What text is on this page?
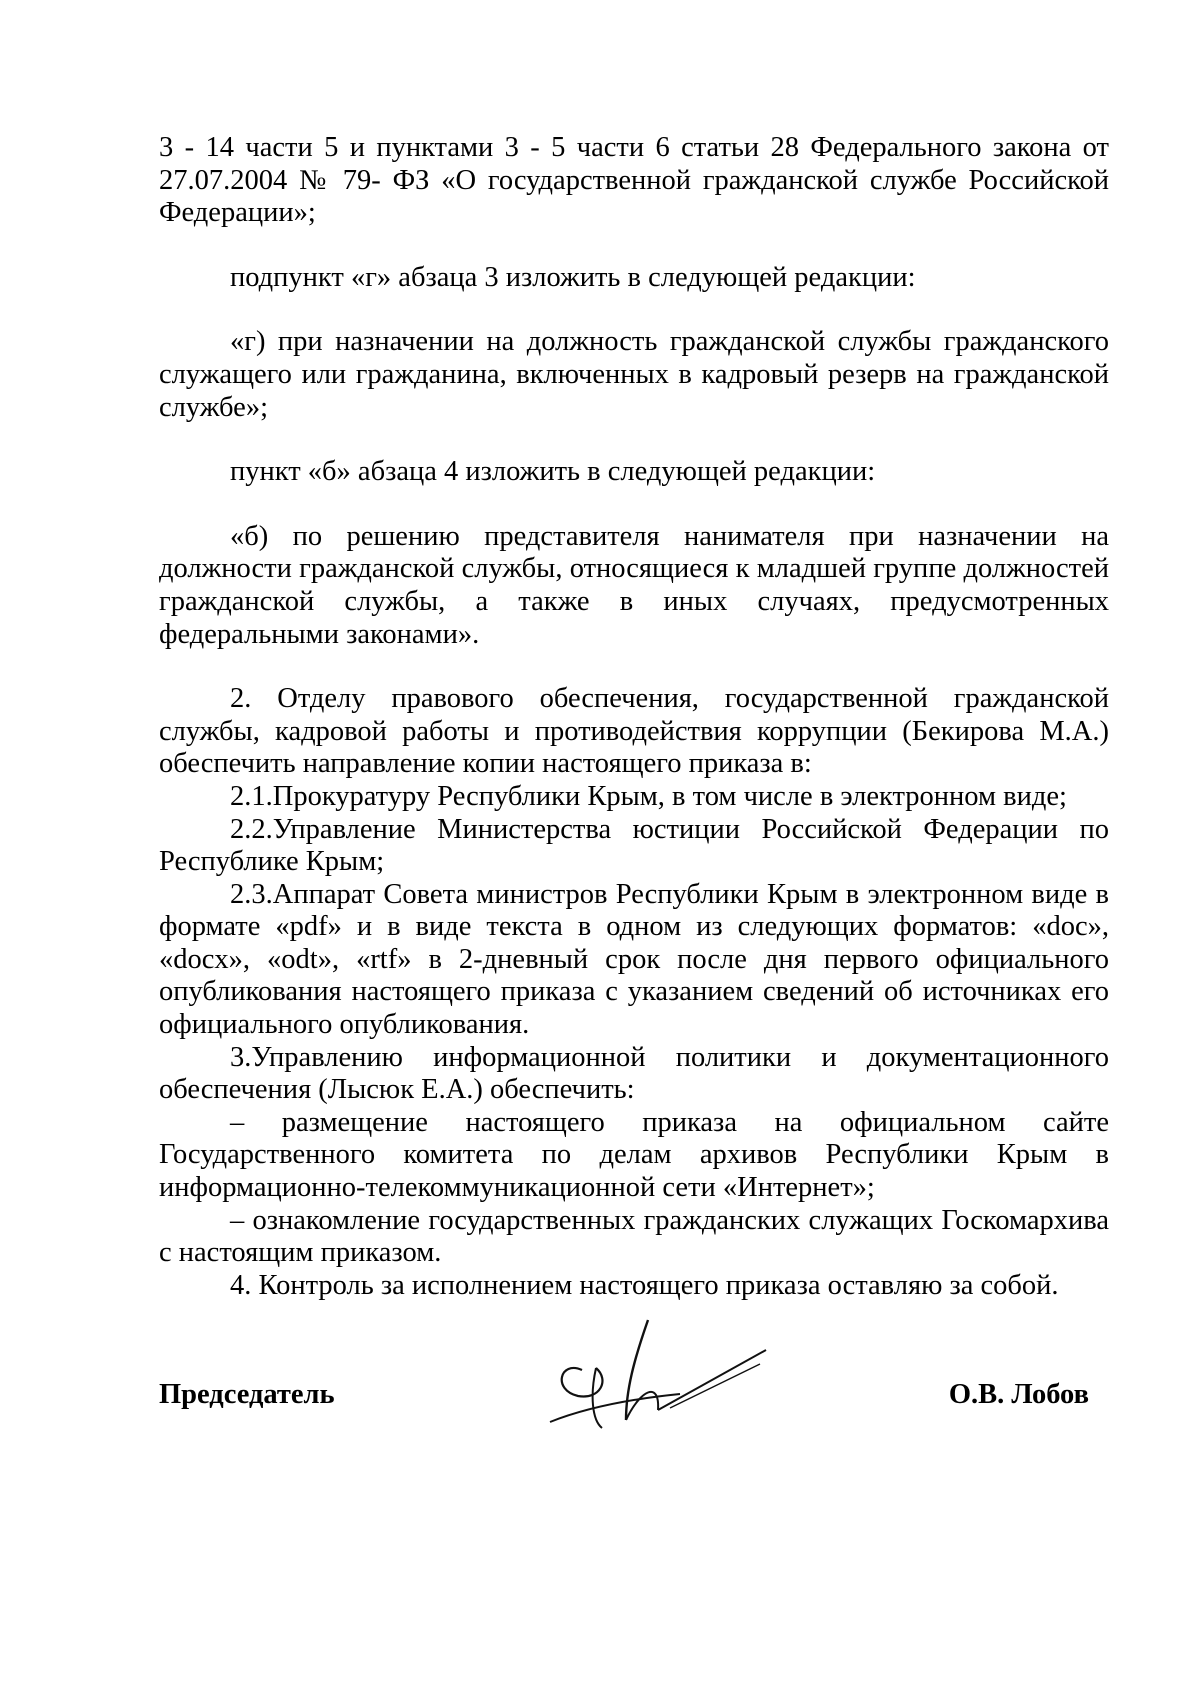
3 - 14 части 5 и пунктами 3 - 5 части 6 статьи 28 Федерального закона от 27.07.2004 № 79- ФЗ «О государственной гражданской службе Российской Федерации»;

подпункт «г» абзаца 3 изложить в следующей редакции:

«г) при назначении на должность гражданской службы гражданского служащего или гражданина, включенных в кадровый резерв на гражданской службе»;

пункт «б» абзаца 4 изложить в следующей редакции:

«б) по решению представителя нанимателя при назначении на должности гражданской службы, относящиеся к младшей группе должностей гражданской службы, а также в иных случаях, предусмотренных федеральными законами».

2. Отделу правового обеспечения, государственной гражданской службы, кадровой работы и противодействия коррупции (Бекирова М.А.) обеспечить направление копии настоящего приказа в:

2.1.Прокуратуру Республики Крым, в том числе в электронном виде;

2.2.Управление Министерства юстиции Российской Федерации по Республике Крым;

2.3.Аппарат Совета министров Республики Крым в электронном виде в формате «pdf» и в виде текста в одном из следующих форматов: «doc», «docx», «odt», «rtf» в 2-дневный срок после дня первого официального опубликования настоящего приказа с указанием сведений об источниках его официального опубликования.

3.Управлению информационной политики и документационного обеспечения (Лысюк Е.А.) обеспечить:

– размещение настоящего приказа на официальном сайте Государственного комитета по делам архивов Республики Крым в информационно-телекоммуникационной сети «Интернет»;

– ознакомление государственных гражданских служащих Госкомархива с настоящим приказом.

4. Контроль за исполнением настоящего приказа оставляю за собой.

Председатель	О.В. Лобов
